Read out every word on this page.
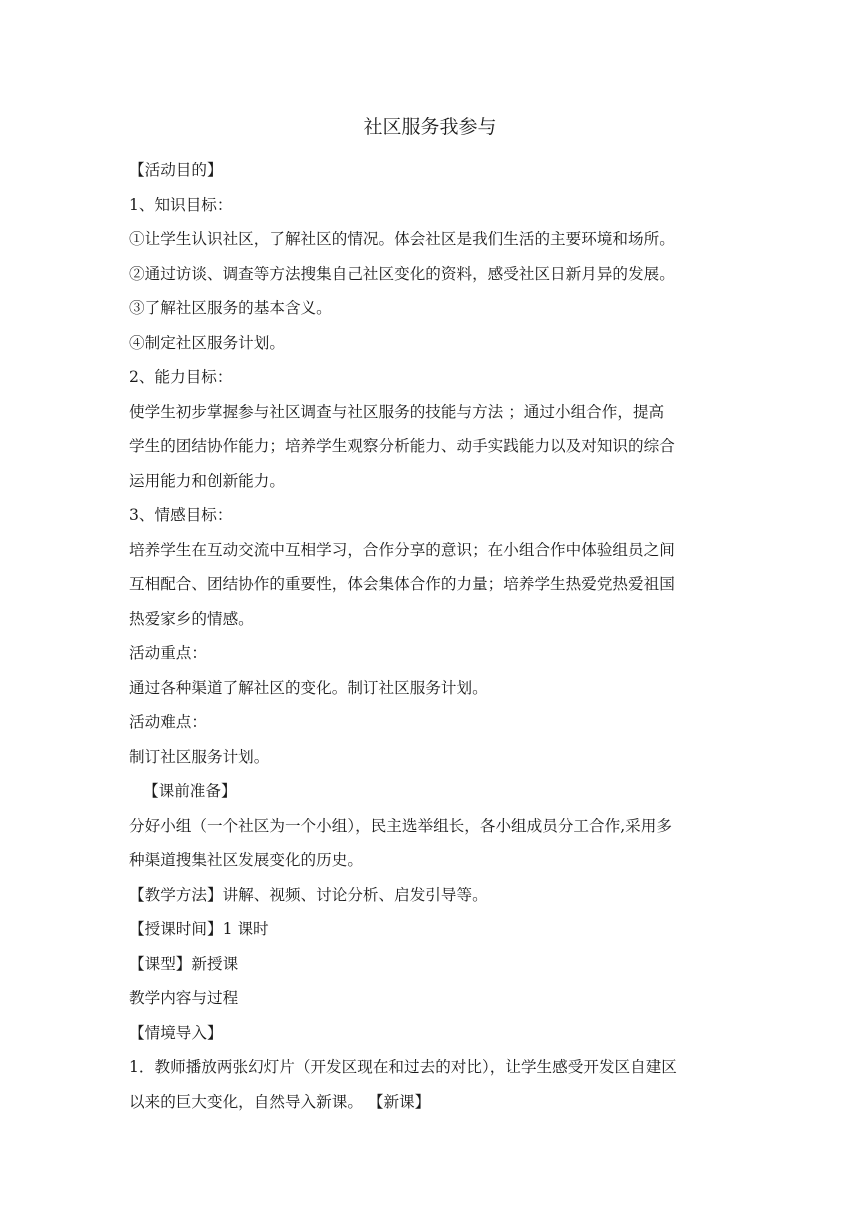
社区服务我参与

【活动目的】

1、知识目标：

①让学生认识社区，了解社区的情况。体会社区是我们生活的主要环境和场所。

②通过访谈、调查等方法搜集自己社区变化的资料，感受社区日新月异的发展。

③了解社区服务的基本含义。

④制定社区服务计划。

2、能力目标：

使学生初步掌握参与社区调查与社区服务的技能与方法 ；通过小组合作，提高

学生的团结协作能力；培养学生观察分析能力、动手实践能力以及对知识的综合

运用能力和创新能力。

3、情感目标：

培养学生在互动交流中互相学习，合作分享的意识；在小组合作中体验组员之间

互相配合、团结协作的重要性，体会集体合作的力量；培养学生热爱党热爱祖国

热爱家乡的情感。

活动重点：

通过各种渠道了解社区的变化。制订社区服务计划。

活动难点：

制订社区服务计划。

【课前准备】

分好小组（一个社区为一个小组），民主选举组长，各小组成员分工合作,采用多

种渠道搜集社区发展变化的历史。

【教学方法】讲解、视频、讨论分析、启发引导等。

【授课时间】1 课时

【课型】新授课

教学内容与过程

【情境导入】

1．教师播放两张幻灯片（开发区现在和过去的对比），让学生感受开发区自建区

以来的巨大变化，自然导入新课。 【新课】
